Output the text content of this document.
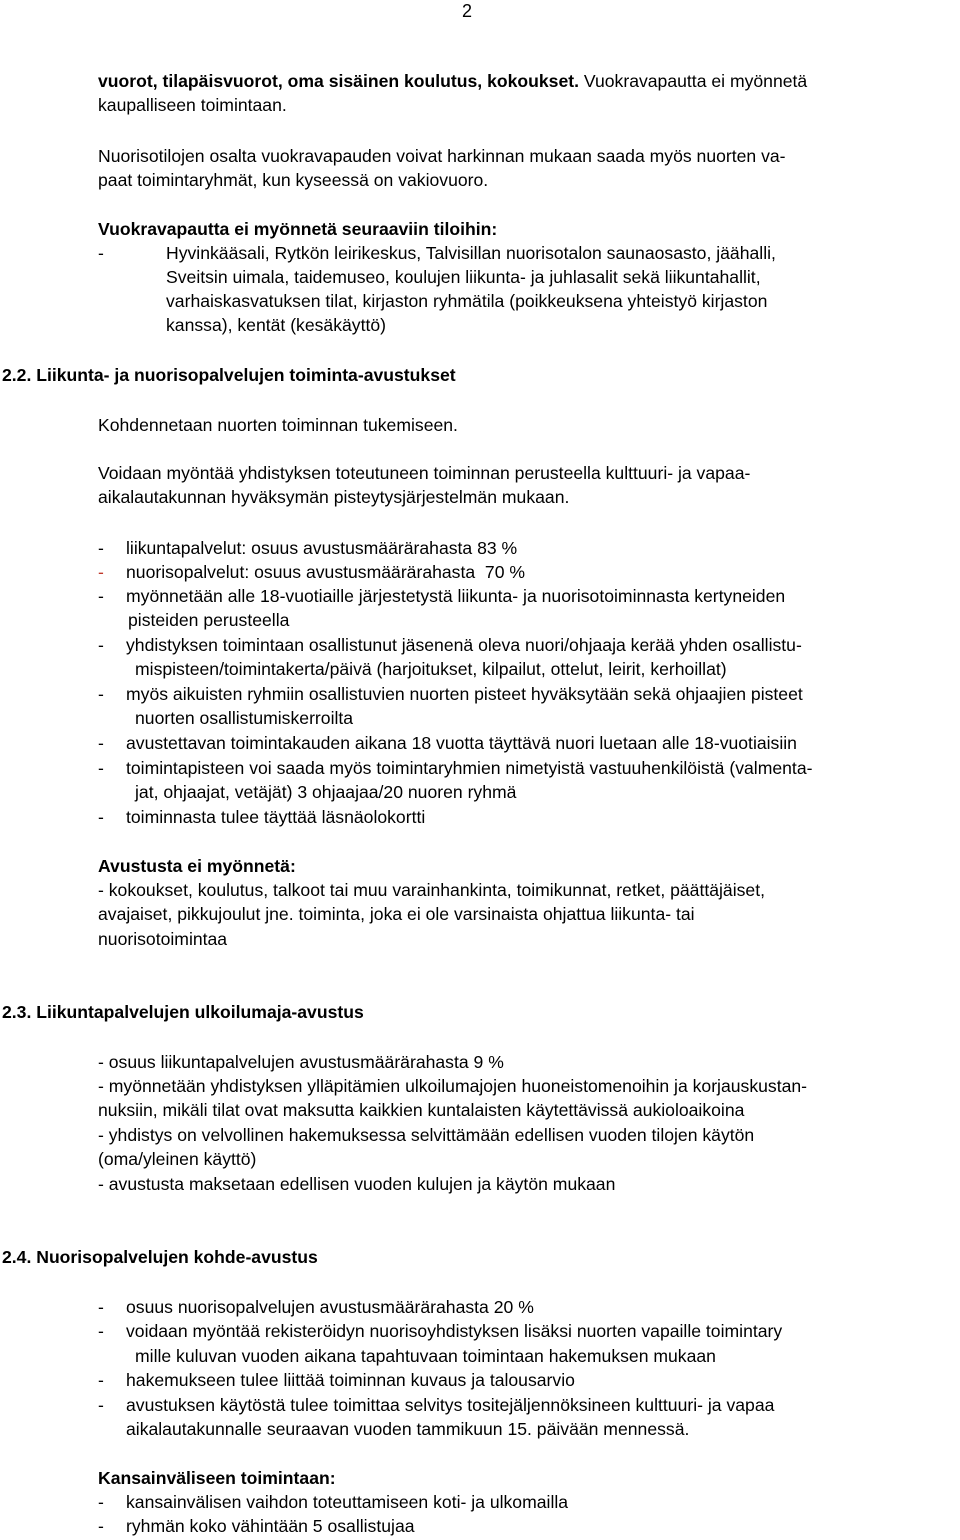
2
vuorot, tilapäisvuorot, oma sisäinen koulutus, kokoukset. Vuokravapautta ei myönnetä
kaupalliseen toimintaan.
Nuorisotilojen osalta vuokravapauden voivat harkinnan mukaan saada myös nuorten va-
paat toimintaryhmät, kun kyseessä on vakiovuoro.
Vuokravapautta ei myönnetä seuraaviin tiloihin:
-	Hyvinkääsali, Rytkön leirikeskus, Talvisillan nuorisotalon saunaosasto, jäähalli,
Sveitsin uimala, taidemuseo, koulujen liikunta- ja juhlasalit sekä liikuntahallit,
varhaiskasvatuksen tilat, kirjaston ryhmätila (poikkeuksena yhteistyö kirjaston
kanssa), kentät (kesäkäyttö)
2.2. Liikunta- ja nuorisopalvelujen toiminta-avustukset
Kohdennetaan nuorten toiminnan tukemiseen.
Voidaan myöntää yhdistyksen toteutuneen toiminnan perusteella kulttuuri- ja vapaa-
aikalautakunnan hyväksymän pisteytysjärjestelmän mukaan.
- liikuntapalvelut: osuus avustusmäärärahasta 83 %
- nuorisopalvelut: osuus avustusmäärärahasta  70 %
- myönnetään alle 18-vuotiaille järjestetystä liikunta- ja nuorisotoiminnasta kertyneiden
pisteiden perusteella
- yhdistyksen toimintaan osallistunut jäsenenä oleva nuori/ohjaaja kerää yhden osallistu-
mispisteen/toimintakerta/päivä (harjoitukset, kilpailut, ottelut, leirit, kerhoillat)
- myös aikuisten ryhmiin osallistuvien nuorten pisteet hyväksytään sekä ohjaajien pisteet
nuorten osallistumiskerroilta
- avustettavan toimintakauden aikana 18 vuotta täyttävä nuori luetaan alle 18-vuotiaisiin
- toimintapisteen voi saada myös toimintaryhmien nimetyistä vastuuhenkilöistä (valmenta-
jat, ohjaajat, vetäjät) 3 ohjaajaa/20 nuoren ryhmä
- toiminnasta tulee täyttää läsnäolokortti
Avustusta ei myönnetä:
- kokoukset, koulutus, talkoot tai muu varainhankinta, toimikunnat, retket, päättäjäiset,
avajaiset, pikkujoulut jne. toiminta, joka ei ole varsinaista ohjattua liikunta- tai
nuorisotoimintaa
2.3. Liikuntapalvelujen ulkoilumaja-avustus
- osuus liikuntapalvelujen avustusmäärärahasta 9 %
- myönnetään yhdistyksen ylläpitämien ulkoilumajojen huoneistomenoihin ja korjauskustan-
nuksiin, mikäli tilat ovat maksutta kaikkien kuntalaisten käytettävissä aukioloaikoina
- yhdistys on velvollinen hakemuksessa selvittämään edellisen vuoden tilojen käytön
(oma/yleinen käyttö)
- avustusta maksetaan edellisen vuoden kulujen ja käytön mukaan
2.4. Nuorisopalvelujen kohde-avustus
- osuus nuorisopalvelujen avustusmäärärahasta 20 %
- voidaan myöntää rekisteröidyn nuorisoyhdistyksen lisäksi nuorten vapaille toimintary
mille kuluvan vuoden aikana tapahtuvaan toimintaan hakemuksen mukaan
- hakemukseen tulee liittää toiminnan kuvaus ja talousarvio
- avustuksen käytöstä tulee toimittaa selvitys tositejäljennöksineen kulttuuri- ja vapaa
aikalautakunnalle seuraavan vuoden tammikuun 15. päivään mennessä.
Kansainväliseen toimintaan:
- kansainvälisen vaihdon toteuttamiseen koti- ja ulkomailla
- ryhmän koko vähintään 5 osallistujaa
